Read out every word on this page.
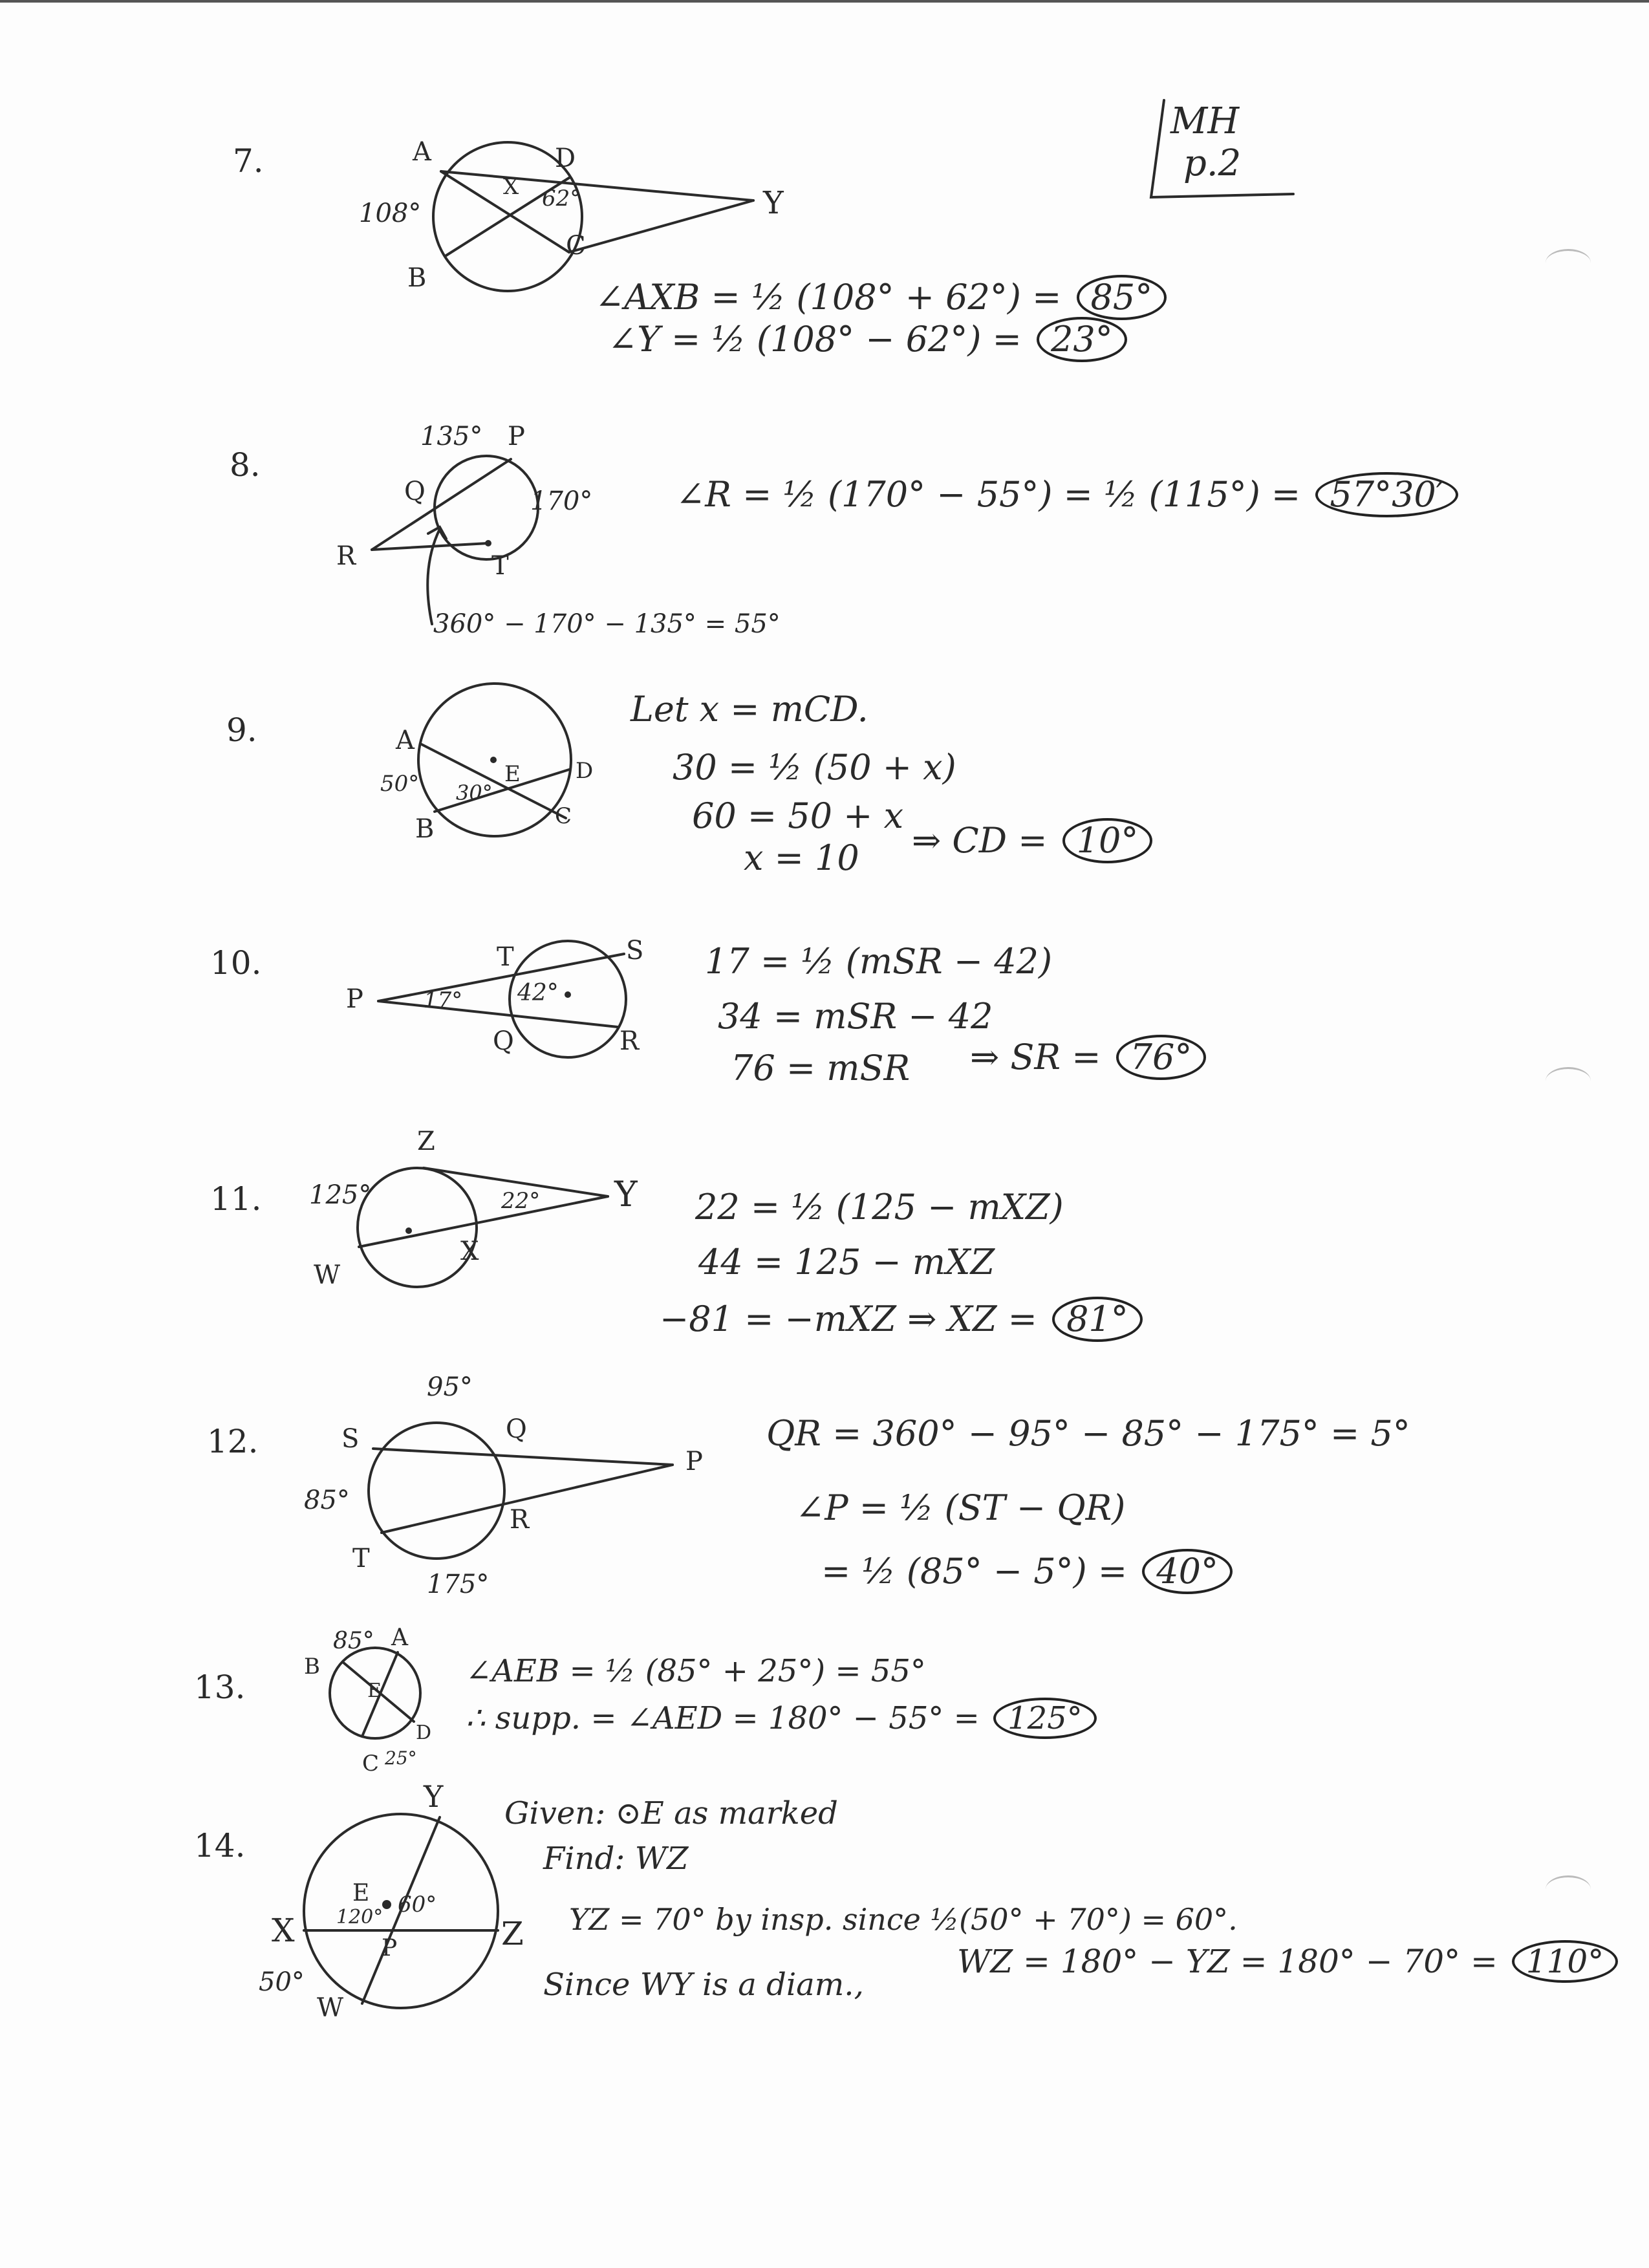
MH
p.2
7.	A
B
C
D
X	Y
108°	62°
∠AXB = ½ (108° + 62°) = 85°
∠Y = ½ (108° − 62°) = 23°
8.
P
Q
R	T
135°
170°
360° − 170° − 135° = 55°
∠R = ½ (170° − 55°) = ½ (115°) = 57°30′
9.	A
B	C
D
E
50° 30°
Let x = mCD.
30 = ½ (50 + x)
60 = 50 + x
x = 10 ⇒ CD = 10°
10.
P
Q	R
S
T
17° 42°
17 = ½ (mSR − 42)
34 = mSR − 42
76 = mSR ⇒ SR = 76°
11.
W
X
Y
Z
125°	22°	22 = ½ (125 − mXZ)
44 = 125 − mXZ
−81 = −mXZ ⇒ XZ = 81°
12.
P
Q
R
S
T
95°
85°
175°
QR = 360° − 95° − 85° − 175° = 5°
∠P = ½ (ST − QR)
= ½ (85° − 5°) = 40°
13.
A
B
C
D
E
85°
25°
∠AEB = ½ (85° + 25°) = 55°
∴ supp. = ∠AED = 180° − 55° = 125°
14.
E
P
W
X
Y
Z
50°
120° 60°
Given: ⊙E as marked
Find: WZ
YZ = 70° by insp. since ½(50° + 70°) = 60°.
Since WY is a diam.,
WZ = 180° − YZ = 180° − 70° = 110°
